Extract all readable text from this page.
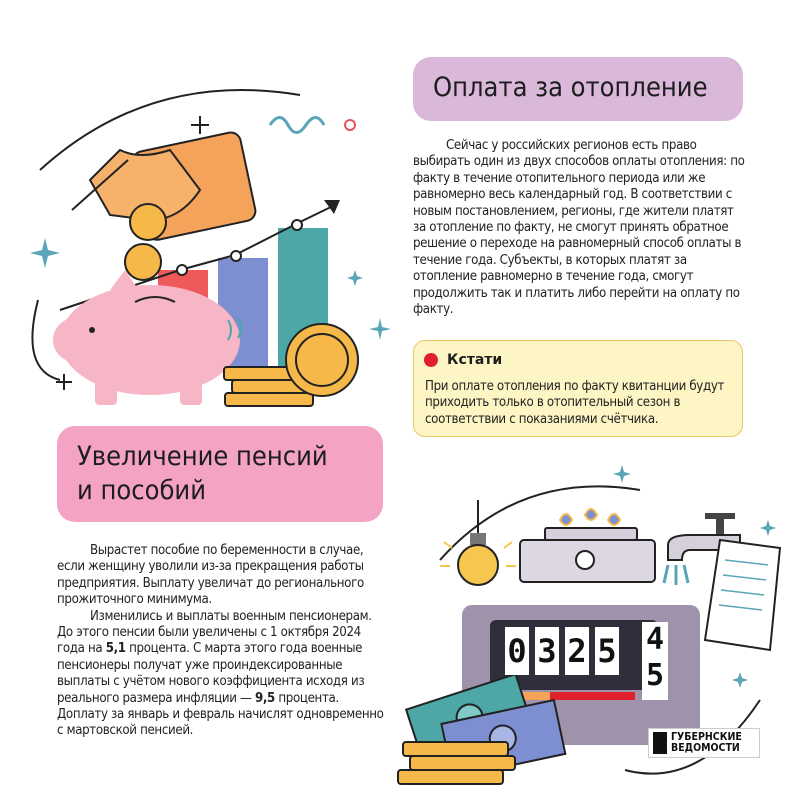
Оплата за отопление

Сейчас у российских регионов есть право выбирать один из двух способов оплаты отопления: по факту в течение отопительного периода или же равномерно весь календарный год. В соответствии с новым постановлением, регионы, где жители платят за отопление по факту, не смогут принять обратное решение о переходе на равномерный способ оплаты в течение года. Субъекты, в которых платят за отопление равномерно в течение года, смогут продолжить так и платить либо перейти на оплату по факту.

Кстати
При оплате отопления по факту квитанции будут приходить только в отопительный сезон в соответствии с показаниями счётчика.
Увеличение пенсий
и пособий

Вырастет пособие по беременности в случае, если женщину уволили из-за прекращения работы предприятия. Выплату увеличат до регионального прожиточного минимума.

Изменились и выплаты военным пенсионерам. До этого пенсии были увеличены с 1 октября 2024 года на 5,1 процента. С марта этого года военные пенсионеры получат уже проиндексированные выплаты с учётом нового коэффициента исходя из реального размера инфляции — 9,5 процента. Доплату за январь и февраль начислят одновременно с мартовской пенсией.

0 3 2 5 4
5
ГУБЕРНСКИЕ
ВЕДОМОСТИ
